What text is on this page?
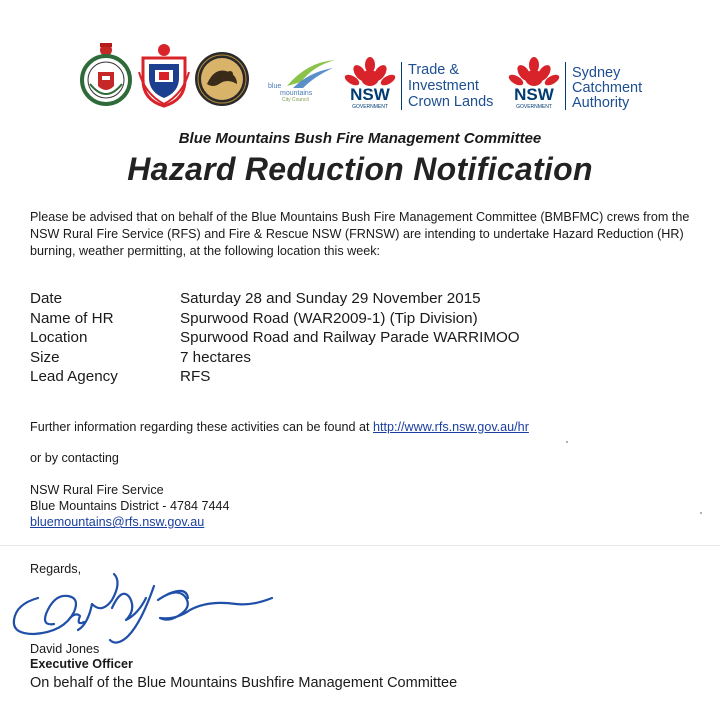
blue
mountains
City Council	NSW
GOVERNMENT
Trade &
Investment
Crown Lands	NSW
GOVERNMENT
Sydney
Catchment
Authority
Blue Mountains Bush Fire Management Committee
Hazard Reduction Notification
Please be advised that on behalf of the Blue Mountains Bush Fire Management Committee (BMBFMC) crews from the NSW Rural Fire Service (RFS) and Fire & Rescue NSW (FRNSW) are intending to undertake Hazard Reduction (HR) burning, weather permitting, at the following location this week:
Date	Saturday 28 and Sunday 29 November 2015
Name of HR	Spurwood Road (WAR2009-1) (Tip Division)
Location	Spurwood Road and Railway Parade WARRIMOO
Size	7 hectares
Lead Agency	RFS
Further information regarding these activities can be found at http://www.rfs.nsw.gov.au/hr
or by contacting
NSW Rural Fire Service
Blue Mountains District - 4784 7444
bluemountains@rfs.nsw.gov.au
Regards,
David Jones
Executive Officer
On behalf of the Blue Mountains Bushfire Management Committee
